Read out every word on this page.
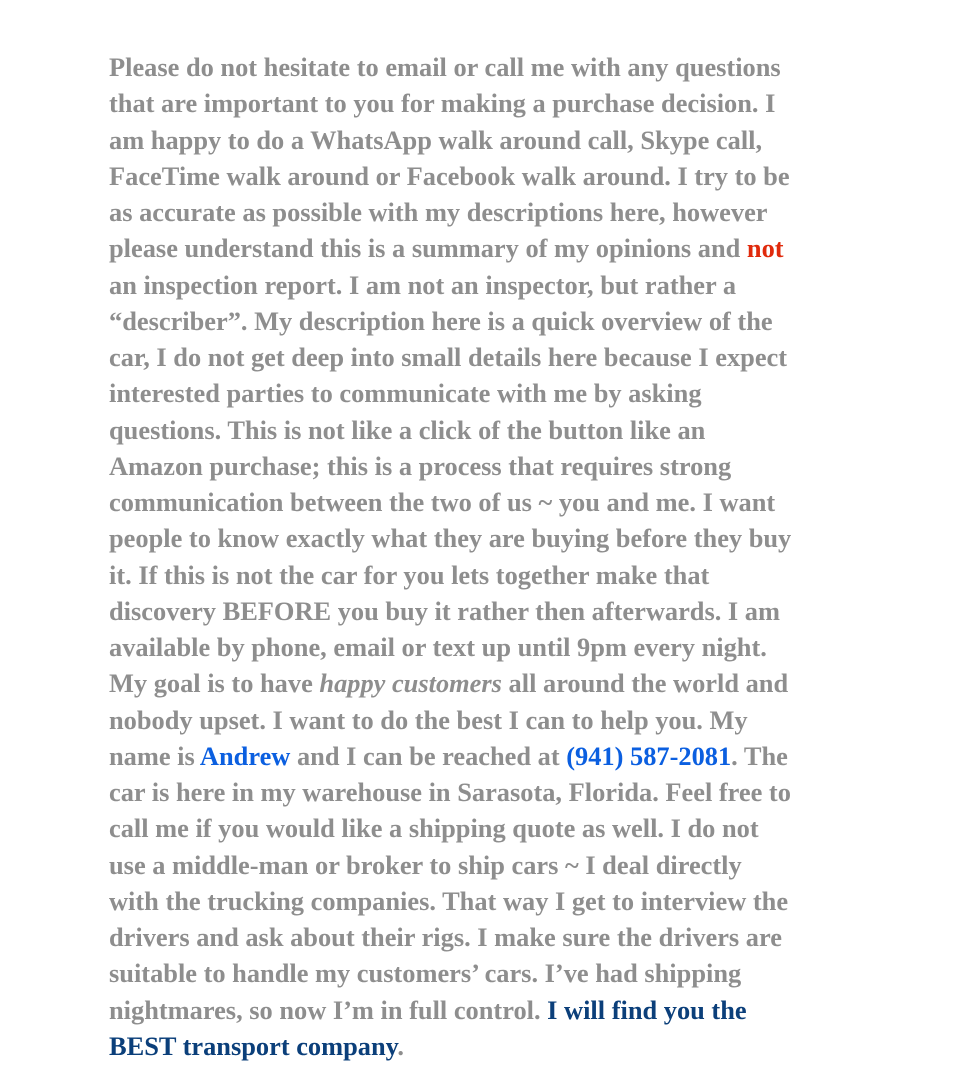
Please do not hesitate to email or call me with any questions
that are important to you for making a purchase decision. I
am happy to do a WhatsApp walk around call, Skype call,
FaceTime walk around or Facebook walk around. I try to be
as accurate as possible with my descriptions here, however
please understand this is a summary of my opinions and not
an inspection report. I am not an inspector, but rather a
“describer”. My description here is a quick overview of the
car, I do not get deep into small details here because I expect
interested parties to communicate with me by asking
questions. This is not like a click of the button like an
Amazon purchase; this is a process that requires strong
communication between the two of us ~ you and me. I want
people to know exactly what they are buying before they buy
it. If this is not the car for you lets together make that
discovery BEFORE you buy it rather then afterwards. I am
available by phone, email or text up until 9pm every night.
My goal is to have happy customers all around the world and
nobody upset. I want to do the best I can to help you. My
name is Andrew and I can be reached at (941) 587-2081. The
car is here in my warehouse in Sarasota, Florida. Feel free to
call me if you would like a shipping quote as well. I do not
use a middle-man or broker to ship cars ~ I deal directly
with the trucking companies. That way I get to interview the
drivers and ask about their rigs. I make sure the drivers are
suitable to handle my customers’ cars. I’ve had shipping
nightmares, so now I’m in full control. I will find you the
BEST transport company.
